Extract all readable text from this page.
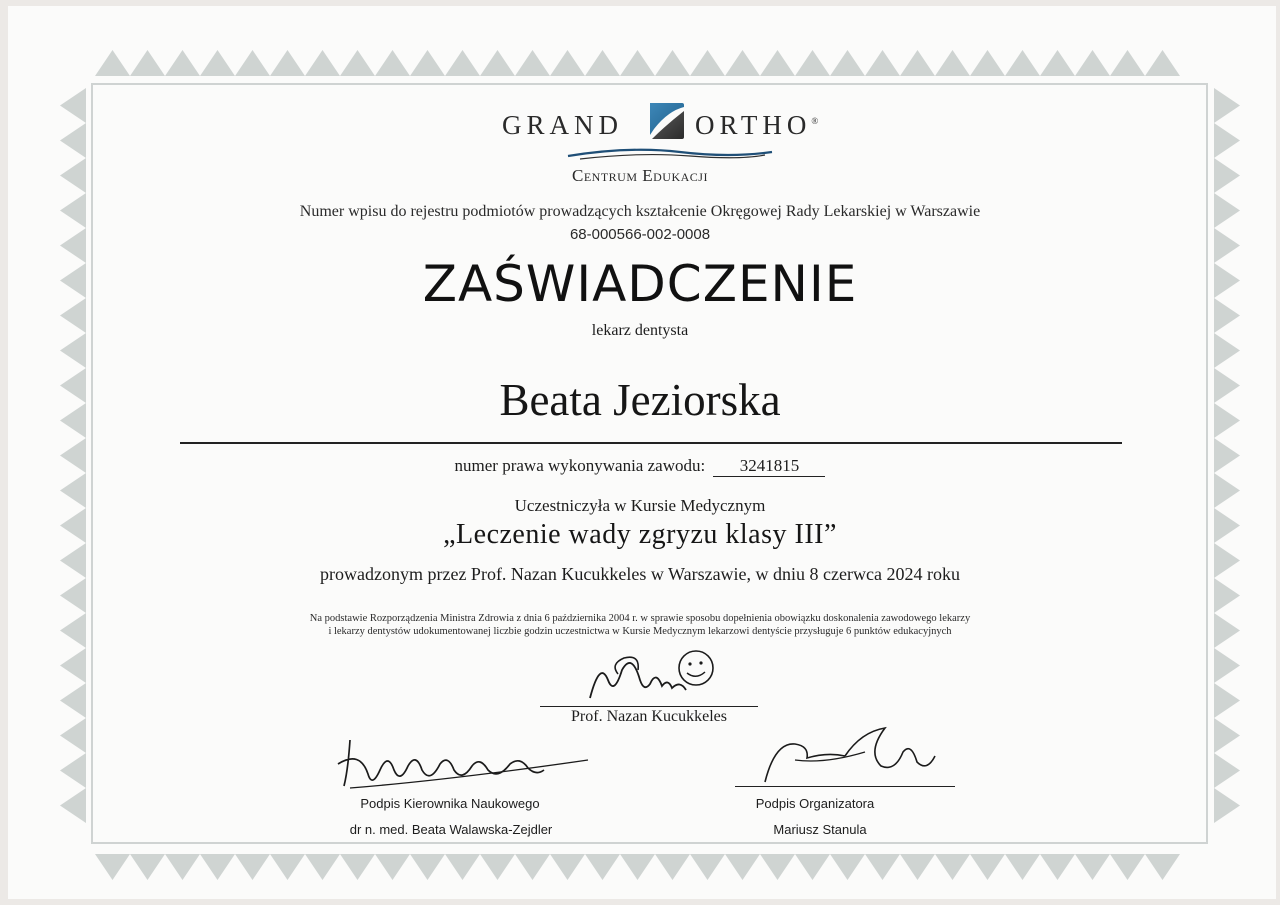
GRAND	ORTHO®
Centrum Edukacji
Numer wpisu do rejestru podmiotów prowadzących kształcenie Okręgowej Rady Lekarskiej w Warszawie
68-000566-002-0008
ZAŚWIADCZENIE
lekarz dentysta
Beata Jeziorska
numer prawa wykonywania zawodu: 3241815
Uczestniczyła w Kursie Medycznym
„Leczenie wady zgryzu klasy III”
prowadzonym przez Prof. Nazan Kucukkeles w Warszawie, w dniu 8 czerwca 2024 roku
Na podstawie Rozporządzenia Ministra Zdrowia z dnia 6 października 2004 r. w sprawie sposobu dopełnienia obowiązku doskonalenia zawodowego lekarzy
i lekarzy dentystów udokumentowanej liczbie godzin uczestnictwa w Kursie Medycznym lekarzowi dentyście przysługuje 6 punktów edukacyjnych
Prof. Nazan Kucukkeles
Podpis Kierownika Naukowego
dr n. med. Beata Walawska-Zejdler
Podpis Organizatora
Mariusz Stanula
